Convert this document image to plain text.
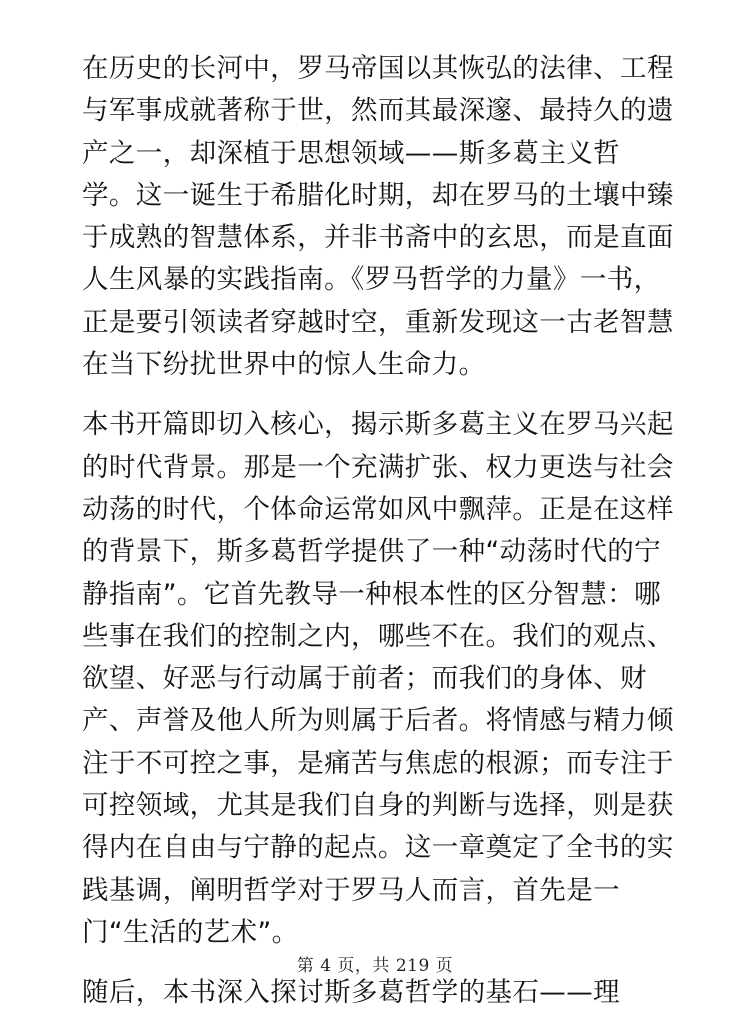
在历史的长河中，罗马帝国以其恢弘的法律、工程
与军事成就著称于世，然而其最深邃、最持久的遗
产之一，却深植于思想领域——斯多葛主义哲
学。这一诞生于希腊化时期，却在罗马的土壤中臻
于成熟的智慧体系，并非书斋中的玄思，而是直面
人生风暴的实践指南。《罗马哲学的力量》一书，
正是要引领读者穿越时空，重新发现这一古老智慧
在当下纷扰世界中的惊人生命力。

本书开篇即切入核心，揭示斯多葛主义在罗马兴起
的时代背景。那是一个充满扩张、权力更迭与社会
动荡的时代，个体命运常如风中飘萍。正是在这样
的背景下，斯多葛哲学提供了一种“动荡时代的宁
静指南”。它首先教导一种根本性的区分智慧：哪
些事在我们的控制之内，哪些不在。我们的观点、
欲望、好恶与行动属于前者；而我们的身体、财
产、声誉及他人所为则属于后者。将情感与精力倾
注于不可控之事，是痛苦与焦虑的根源；而专注于
可控领域，尤其是我们自身的判断与选择，则是获
得内在自由与宁静的起点。这一章奠定了全书的实
践基调，阐明哲学对于罗马人而言，首先是一
门“生活的艺术”。

随后，本书深入探讨斯多葛哲学的基石——理

第 4 页，共 219 页
